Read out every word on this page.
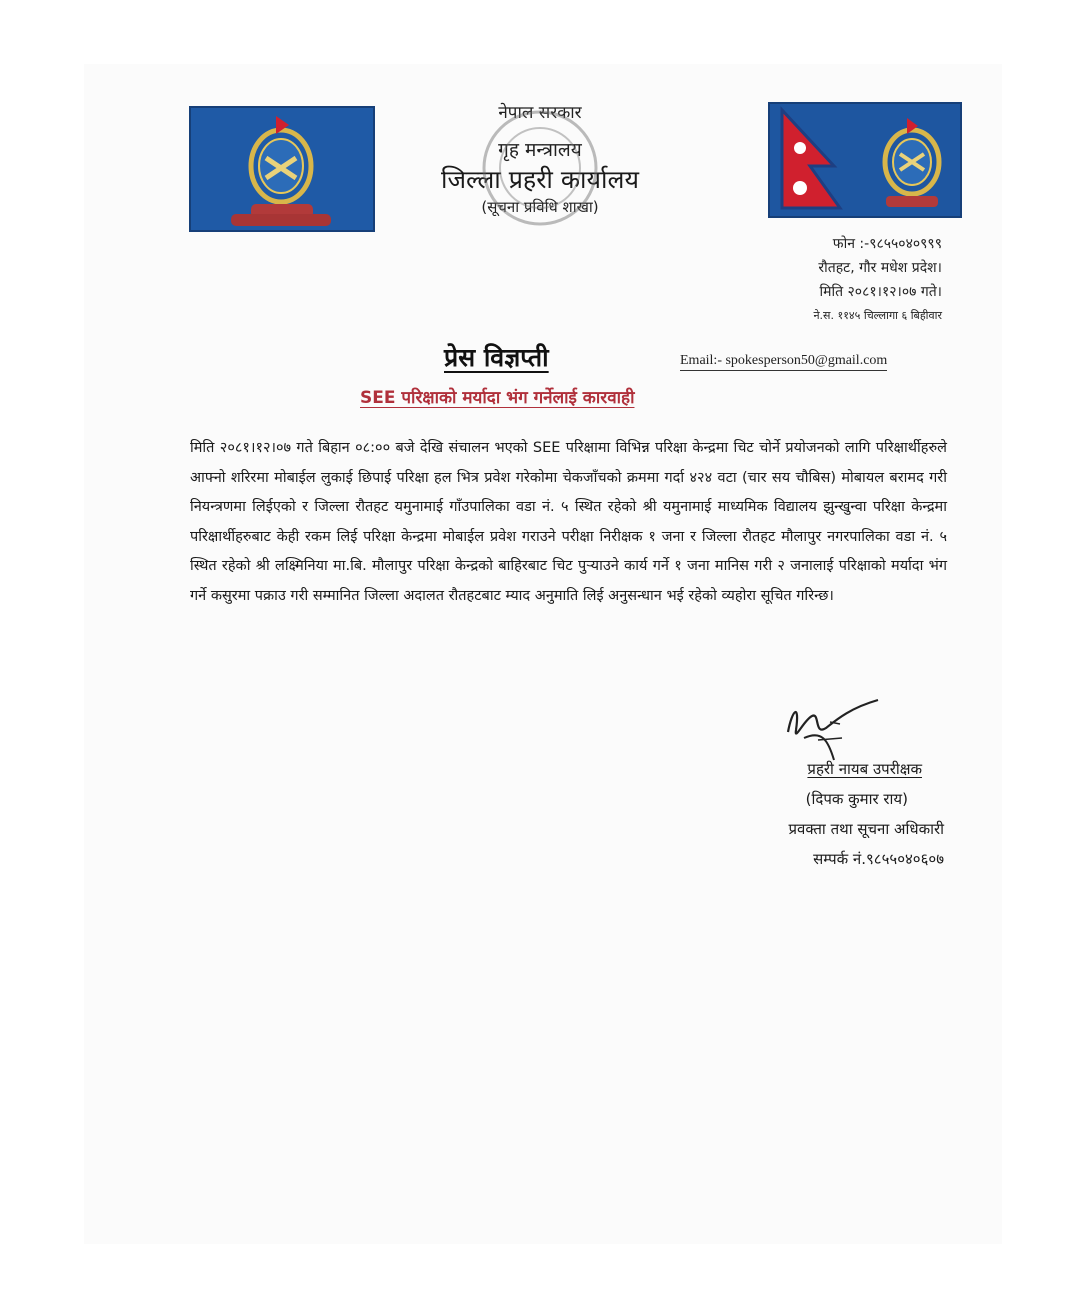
नेपाल सरकार
गृह मन्त्रालय
जिल्ला प्रहरी कार्यालय
(सूचना प्रविधि शाखा)
फोन :-९८५५०४०९९९
रौतहट, गौर मधेश प्रदेश।
मिति २०८१।१२।०७ गते।
ने.स. ११४५ चिल्लागा ६ बिहीवार
प्रेस विज्ञप्ती	Email:- spokesperson50@gmail.com
SEE परिक्षाको मर्यादा भंग गर्नेलाई कारवाही
मिति २०८१।१२।०७ गते बिहान ०८:०० बजे देखि संचालन भएको SEE परिक्षामा विभिन्न परिक्षा केन्द्रमा चिट चोर्ने प्रयोजनको लागि परिक्षार्थीहरुले आफ्नो शरिरमा मोबाईल लुकाई छिपाई परिक्षा हल भित्र प्रवेश गरेकोमा चेकजाँचको क्रममा गर्दा ४२४ वटा (चार सय चौबिस) मोबायल बरामद गरी नियन्त्रणमा लिईएको र जिल्ला रौतहट यमुनामाई गाँउपालिका वडा नं. ५ स्थित रहेको श्री यमुनामाई माध्यमिक विद्यालय झुन्खुन्वा परिक्षा केन्द्रमा परिक्षार्थीहरुबाट केही रकम लिई परिक्षा केन्द्रमा मोबाईल प्रवेश गराउने परीक्षा निरीक्षक १ जना र जिल्ला रौतहट मौलापुर नगरपालिका वडा नं. ५ स्थित रहेको श्री लक्ष्मिनिया मा.बि. मौलापुर परिक्षा केन्द्रको बाहिरबाट चिट पुऱ्याउने कार्य गर्ने १ जना मानिस गरी २ जनालाई परिक्षाको मर्यादा भंग गर्ने कसुरमा पक्राउ गरी सम्मानित जिल्ला अदालत रौतहटबाट म्याद अनुमाति लिई अनुसन्धान भई रहेको व्यहोरा सूचित गरिन्छ।
प्रहरी नायब उपरीक्षक
(दिपक कुमार राय)
प्रवक्ता तथा सूचना अधिकारी
सम्पर्क नं.९८५५०४०६०७
